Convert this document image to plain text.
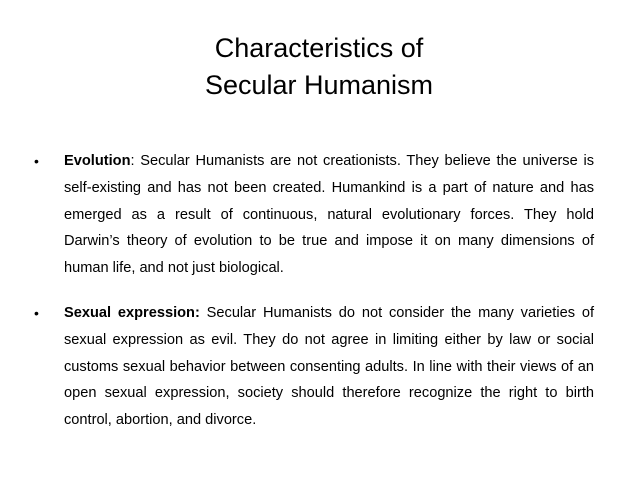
Characteristics of
Secular Humanism
• Evolution: Secular Humanists are not creationists. They believe the universe is self-existing and has not been created. Humankind is a part of nature and has emerged as a result of continuous, natural evolutionary forces. They hold Darwin’s theory of evolution to be true and impose it on many dimensions of human life, and not just biological.
• Sexual expression: Secular Humanists do not consider the many varieties of sexual expression as evil. They do not agree in limiting either by law or social customs sexual behavior between consenting adults. In line with their views of an open sexual expression, society should therefore recognize the right to birth control, abortion, and divorce.
